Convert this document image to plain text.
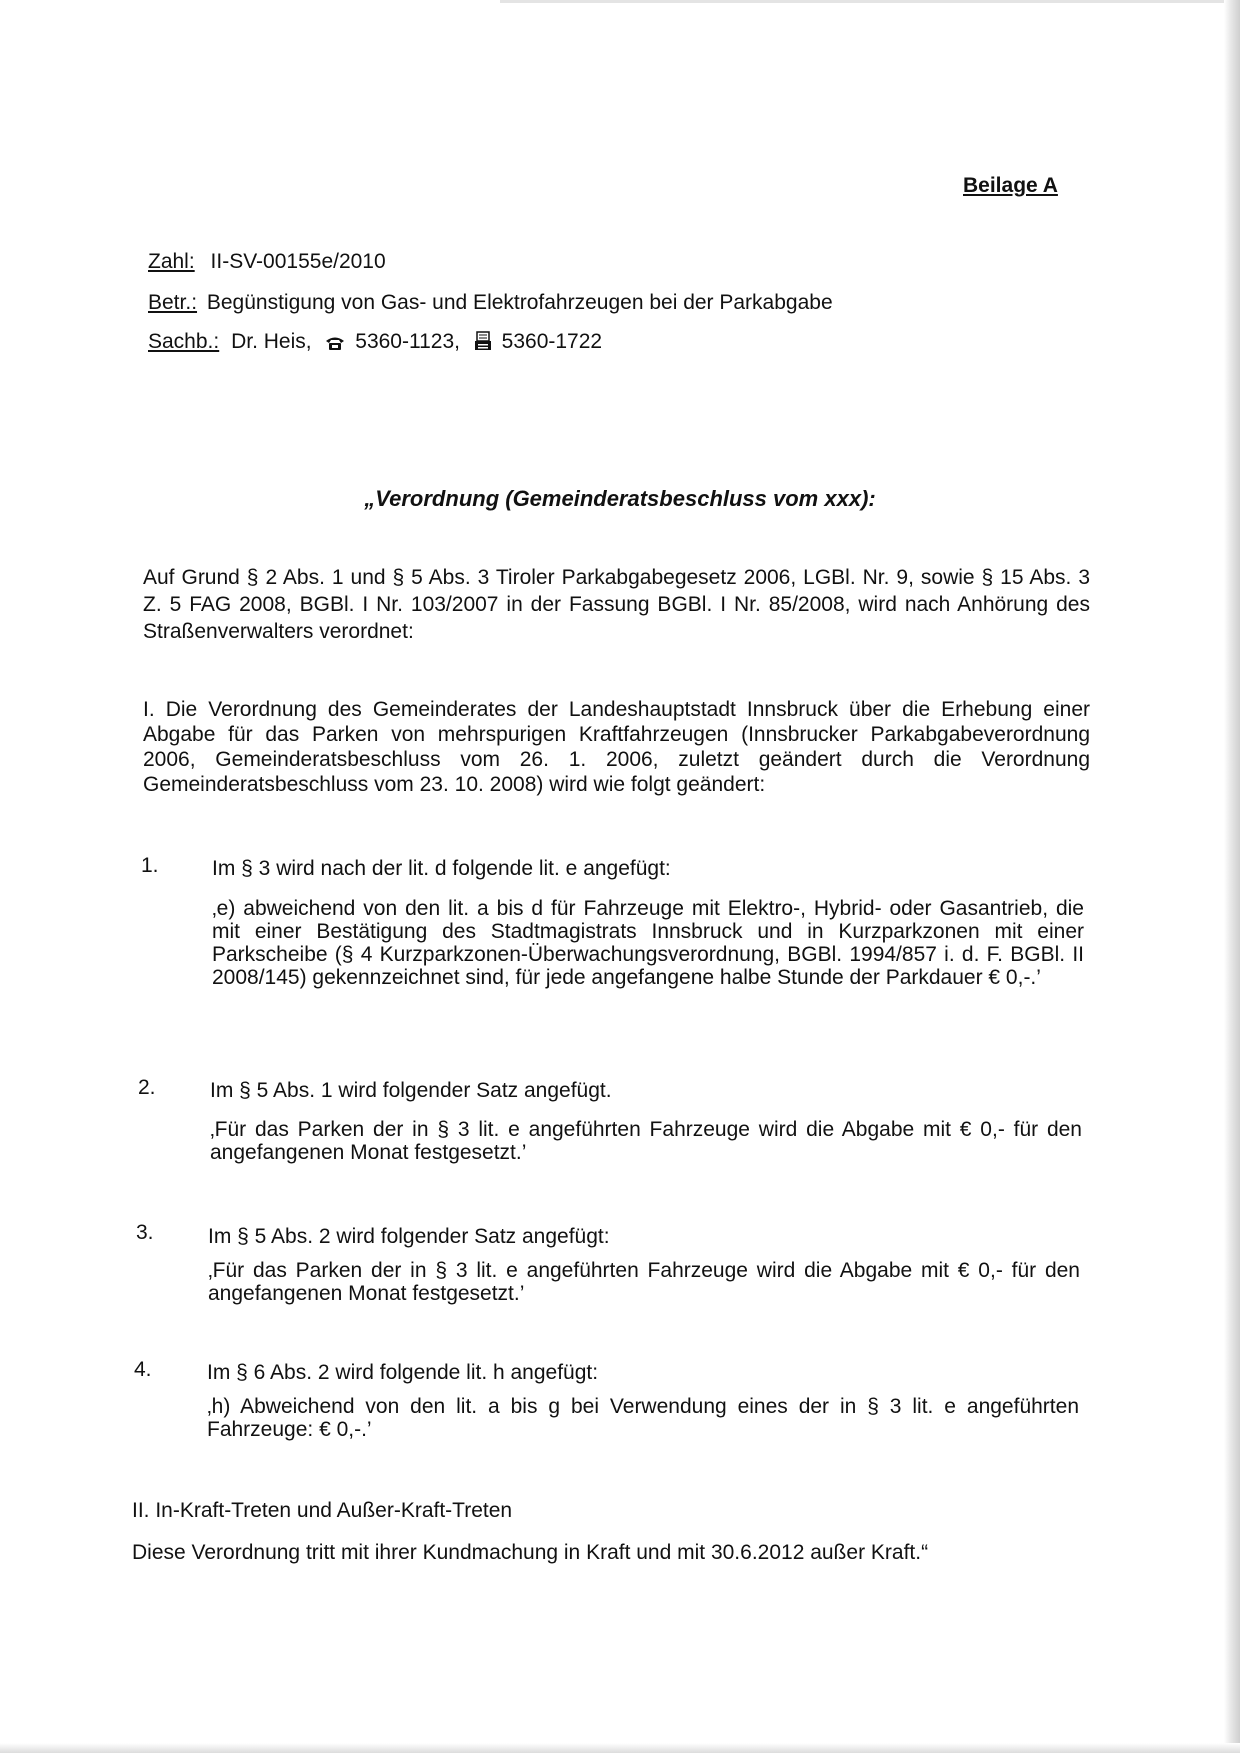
Beilage A
Zahl: II-SV-00155e/2010
Betr.: Begünstigung von Gas- und Elektrofahrzeugen bei der Parkabgabe
Sachb.: Dr. Heis, 5360-1123, 5360-1722
„Verordnung (Gemeinderatsbeschluss vom xxx):
Auf Grund § 2 Abs. 1 und § 5 Abs. 3 Tiroler Parkabgabegesetz 2006, LGBl. Nr. 9, sowie § 15 Abs. 3 Z. 5 FAG 2008, BGBl. I Nr. 103/2007 in der Fassung BGBl. I Nr. 85/2008, wird nach Anhörung des Straßenverwalters verordnet:
I. Die Verordnung des Gemeinderates der Landeshauptstadt Innsbruck über die Erhebung einer Abgabe für das Parken von mehrspurigen Kraftfahrzeugen (Innsbrucker Parkabgabeverordnung 2006, Gemeinderatsbeschluss vom 26. 1. 2006, zuletzt geändert durch die Verordnung Gemeinderatsbeschluss vom 23. 10. 2008) wird wie folgt geändert:
1.	Im § 3 wird nach der lit. d folgende lit. e angefügt:
‚e) abweichend von den lit. a bis d für Fahrzeuge mit Elektro-, Hybrid- oder Gasantrieb, die mit einer Bestätigung des Stadtmagistrats Innsbruck und in Kurzparkzonen mit einer Parkscheibe (§ 4 Kurzparkzonen-Überwachungsverordnung, BGBl. 1994/857 i. d. F. BGBl. II 2008/145) gekennzeichnet sind, für jede angefangene halbe Stunde der Parkdauer € 0,-.’
2.	Im § 5 Abs. 1 wird folgender Satz angefügt.
‚Für das Parken der in § 3 lit. e angeführten Fahrzeuge wird die Abgabe mit € 0,- für den angefangenen Monat festgesetzt.’
3.	Im § 5 Abs. 2 wird folgender Satz angefügt:
‚Für das Parken der in § 3 lit. e angeführten Fahrzeuge wird die Abgabe mit € 0,- für den angefangenen Monat festgesetzt.’
4.	Im § 6 Abs. 2 wird folgende lit. h angefügt:
‚h) Abweichend von den lit. a bis g bei Verwendung eines der in § 3 lit. e angeführten Fahrzeuge: € 0,-.’
II. In-Kraft-Treten und Außer-Kraft-Treten
Diese Verordnung tritt mit ihrer Kundmachung in Kraft und mit 30.6.2012 außer Kraft.“
